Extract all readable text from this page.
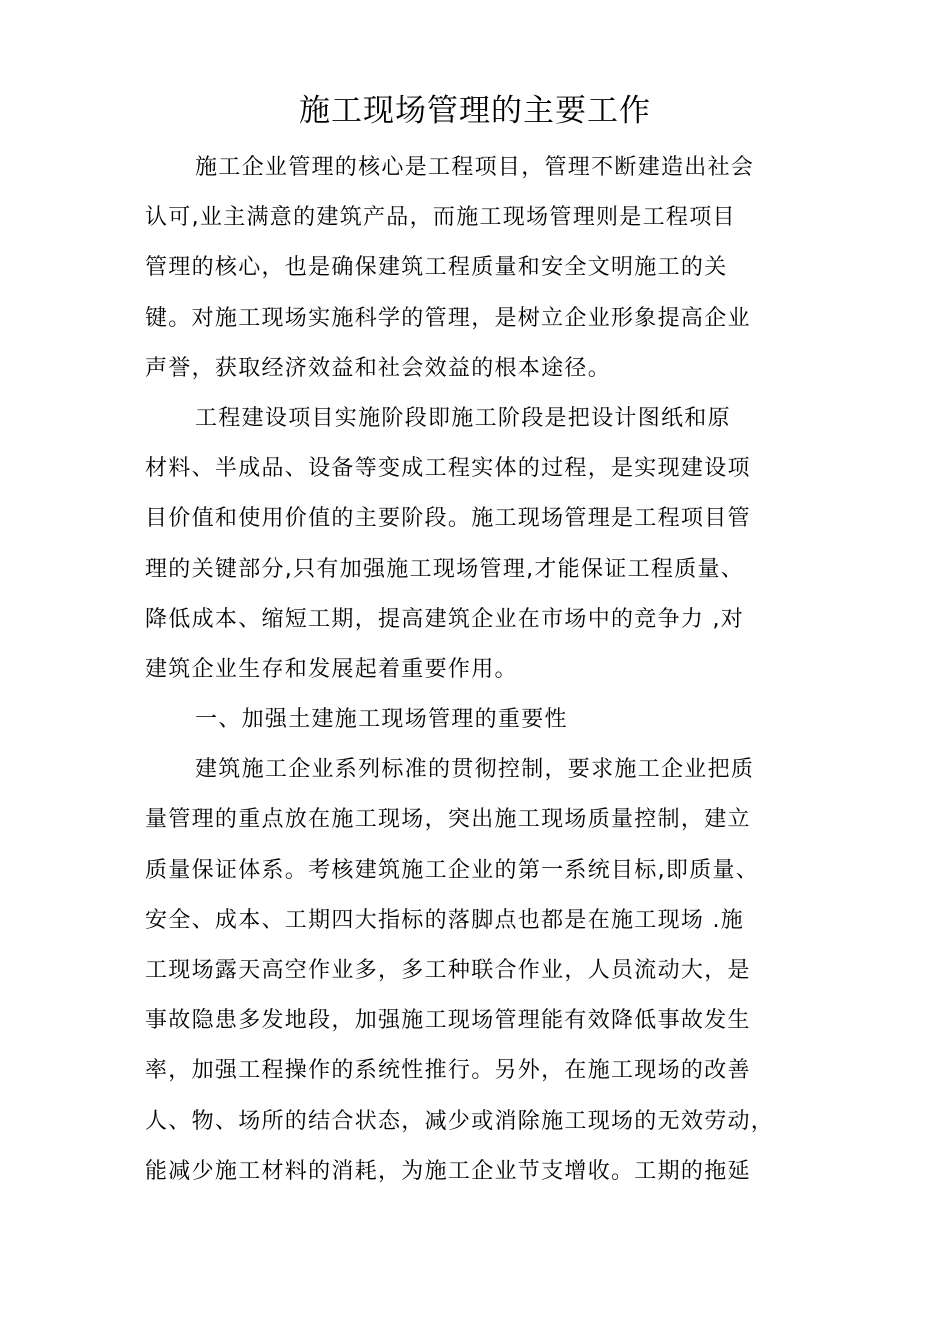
施工现场管理的主要工作
施工企业管理的核心是工程项目，管理不断建造出社会
认可,业主满意的建筑产品，而施工现场管理则是工程项目
管理的核心，也是确保建筑工程质量和安全文明施工的关
键。对施工现场实施科学的管理，是树立企业形象提高企业
声誉，获取经济效益和社会效益的根本途径。
工程建设项目实施阶段即施工阶段是把设计图纸和原
材料、半成品、设备等变成工程实体的过程，是实现建设项
目价值和使用价值的主要阶段。施工现场管理是工程项目管
理的关键部分,只有加强施工现场管理,才能保证工程质量、
降低成本、缩短工期，提高建筑企业在市场中的竞争力 ,对
建筑企业生存和发展起着重要作用。
一、加强土建施工现场管理的重要性
建筑施工企业系列标准的贯彻控制，要求施工企业把质
量管理的重点放在施工现场，突出施工现场质量控制，建立
质量保证体系。考核建筑施工企业的第一系统目标,即质量、
安全、成本、工期四大指标的落脚点也都是在施工现场 .施
工现场露天高空作业多，多工种联合作业，人员流动大，是
事故隐患多发地段，加强施工现场管理能有效降低事故发生
率，加强工程操作的系统性推行。另外，在施工现场的改善
人、物、场所的结合状态，减少或消除施工现场的无效劳动，
能减少施工材料的消耗，为施工企业节支增收。工期的拖延
